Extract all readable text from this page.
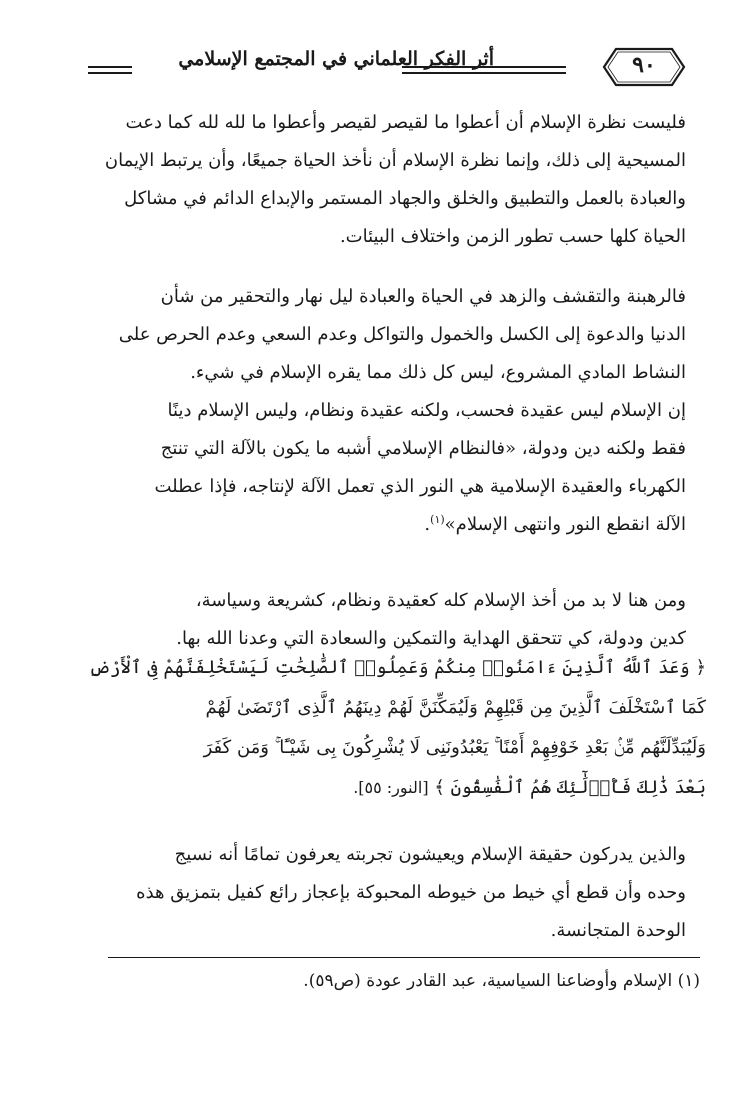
أثر الفكر العلماني في المجتمع الإسلامي	٩٠

فليست نظرة الإسلام أن أعطوا ما لقيصر لقيصر وأعطوا ما لله لله كما دعت
المسيحية إلى ذلك، وإنما نظرة الإسلام أن نأخذ الحياة جميعًا، وأن يرتبط الإيمان
والعبادة بالعمل والتطبيق والخلق والجهاد المستمر والإبداع الدائم في مشاكل
الحياة كلها حسب تطور الزمن واختلاف البيئات.

فالرهبنة والتقشف والزهد في الحياة والعبادة ليل نهار والتحقير من شأن
الدنيا والدعوة إلى الكسل والخمول والتواكل وعدم السعي وعدم الحرص على
النشاط المادي المشروع، ليس كل ذلك مما يقره الإسلام في شيء.

إن الإسلام ليس عقيدة فحسب، ولكنه عقيدة ونظام، وليس الإسلام دينًا
فقط ولكنه دين ودولة، «فالنظام الإسلامي أشبه ما يكون بالآلة التي تنتج
الكهرباء والعقيدة الإسلامية هي النور الذي تعمل الآلة لإنتاجه، فإذا عطلت
الآلة انقطع النور وانتهى الإسلام»$^{(١)}$.

ومن هنا لا بد من أخذ الإسلام كله كعقيدة ونظام، كشريعة وسياسة،
كدين ودولة، كي تتحقق الهداية والتمكين والسعادة التي وعدنا الله بها.

﴿ وَعَدَ ٱللَّهُ ٱلَّذِينَ ءَامَنُوا۟ مِنكُمْ وَعَمِلُوا۟ ٱلصَّٰلِحَٰتِ لَيَسْتَخْلِفَنَّهُمْ فِى ٱلْأَرْضِ
كَمَا ٱسْتَخْلَفَ ٱلَّذِينَ مِن قَبْلِهِمْ وَلَيُمَكِّنَنَّ لَهُمْ دِينَهُمُ ٱلَّذِى ٱرْتَضَىٰ لَهُمْ
وَلَيُبَدِّلَنَّهُم مِّنۢ بَعْدِ خَوْفِهِمْ أَمْنًا ۚ يَعْبُدُونَنِى لَا يُشْرِكُونَ بِى شَيْـًٔا ۚ وَمَن كَفَرَ
بَعْدَ ذَٰلِكَ فَأُو۟لَٰٓئِكَ هُمُ ٱلْفَٰسِقُونَ ﴾ [النور: ٥٥].

والذين يدركون حقيقة الإسلام ويعيشون تجربته يعرفون تمامًا أنه نسيج
وحده وأن قطع أي خيط من خيوطه المحبوكة بإعجاز رائع كفيل بتمزيق هذه
الوحدة المتجانسة.

(١) الإسلام وأوضاعنا السياسية، عبد القادر عودة (ص٥٩).
